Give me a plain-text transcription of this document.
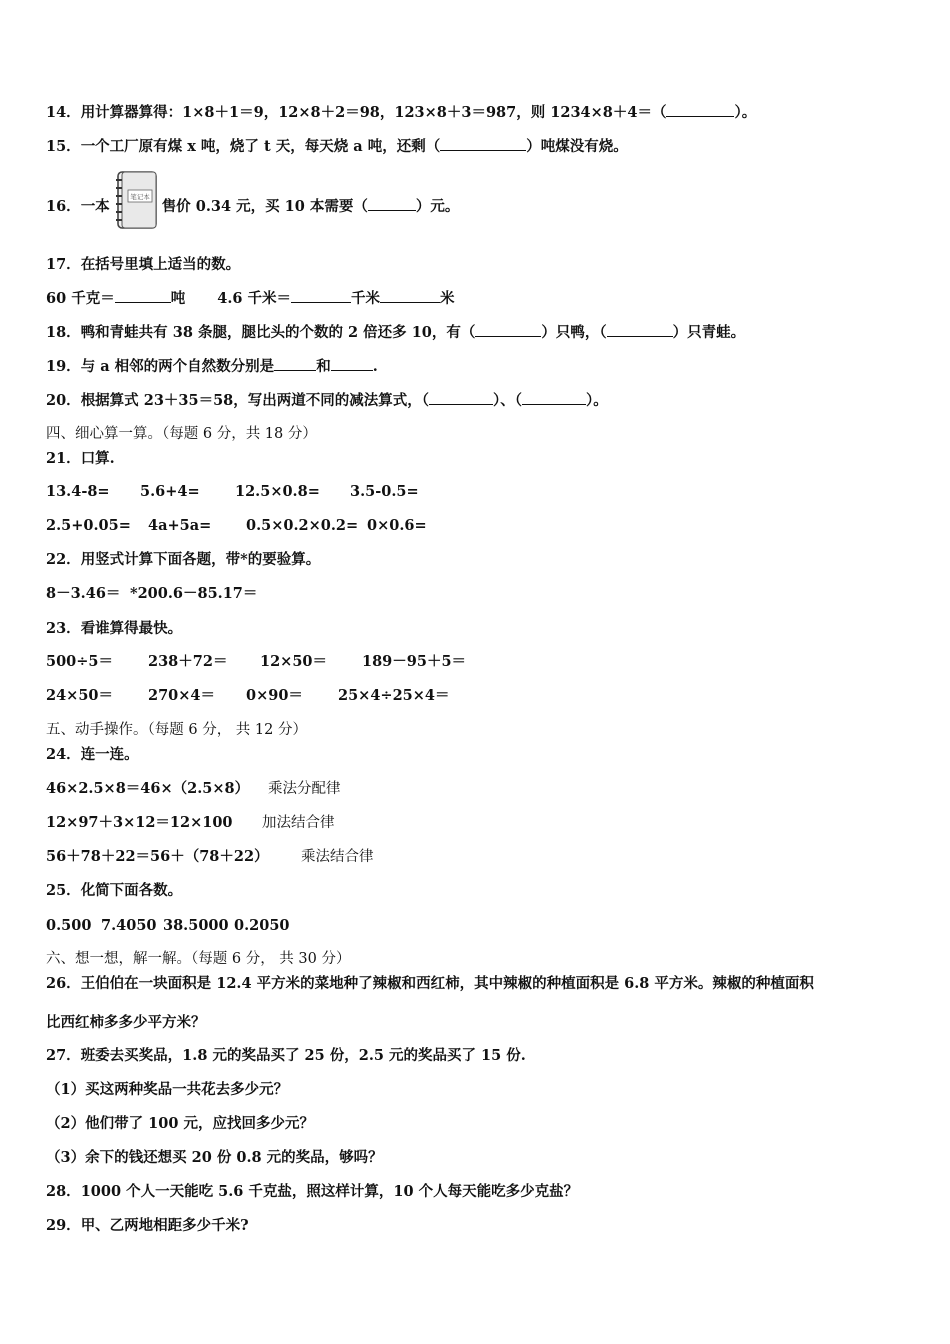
14．用计算器算得：1×8＋1＝9，12×8＋2＝98，123×8＋3＝987，则 1234×8＋4＝（	）。
15．一个工厂原有煤 x 吨，烧了 t 天，每天烧 a 吨，还剩（	）吨煤没有烧。
16．一本	售价 0.34 元，买 10 本需要（	）元。
笔记本
17．在括号里填上适当的数。
60 千克＝	吨 4.6 千米＝	千米	米
18．鸭和青蛙共有 38 条腿，腿比头的个数的 2 倍还多 10，有（	）只鸭，（	）只青蛙。
19．与 a 相邻的两个自然数分别是	和	.
20．根据算式 23＋35＝58，写出两道不同的减法算式，（	）、（	）。
四、细心算一算。（每题 6 分，共 18 分）
21．口算.
13.4-8= 5.6+4= 12.5×0.8= 3.5-0.5=
2.5+0.05= 4a+5a= 0.5×0.2×0.2= 0×0.6=
22．用竖式计算下面各题，带*的要验算。
8－3.46＝ *200.6－85.17＝
23．看谁算得最快。
500÷5＝ 238＋72＝ 12×50＝ 189－95＋5＝
24×50＝ 270×4＝ 0×90＝ 25×4÷25×4＝
五、动手操作。（每题 6 分， 共 12 分）
24．连一连。
46×2.5×8＝46×（2.5×8） 乘法分配律
12×97＋3×12＝12×100 加法结合律
56＋78＋22＝56＋（78＋22） 乘法结合律
25．化简下面各数。
0.500 7.4050 38.5000 0.2050
六、想一想，解一解。（每题 6 分， 共 30 分）
26．王伯伯在一块面积是 12.4 平方米的菜地种了辣椒和西红柿，其中辣椒的种植面积是 6.8 平方米。辣椒的种植面积
比西红柿多多少平方米？
27．班委去买奖品，1.8 元的奖品买了 25 份，2.5 元的奖品买了 15 份.
（1）买这两种奖品一共花去多少元？
（2）他们带了 100 元，应找回多少元？
（3）余下的钱还想买 20 份 0.8 元的奖品，够吗？
28．1000 个人一天能吃 5.6 千克盐，照这样计算，10 个人每天能吃多少克盐？
29．甲、乙两地相距多少千米?
